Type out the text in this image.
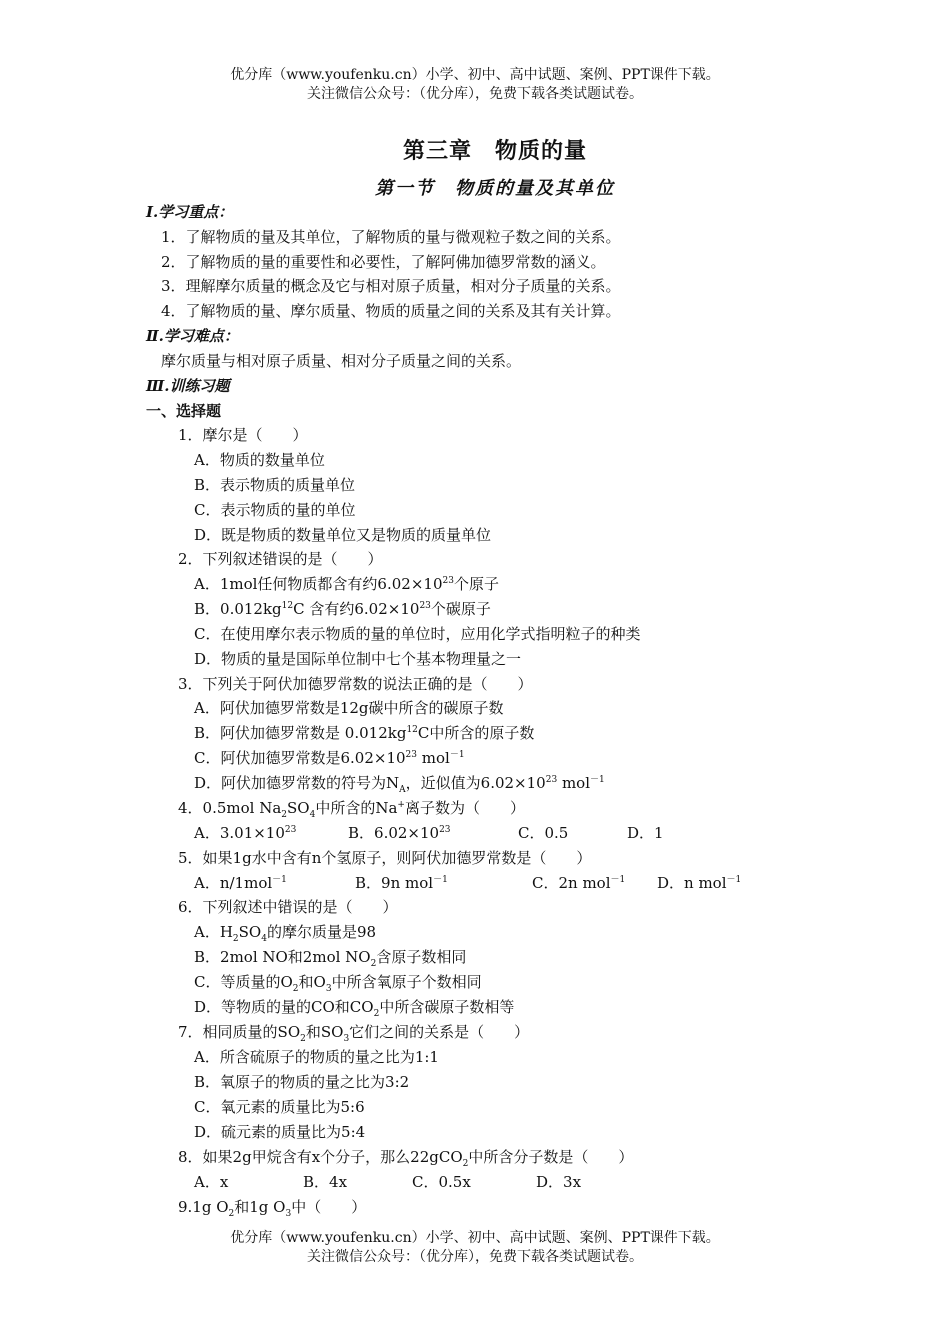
优分库（www.youfenku.cn）小学、初中、高中试题、案例、PPT课件下载。
关注微信公众号：（优分库），免费下载各类试题试卷。
第三章　物质的量
第一节　物质的量及其单位
Ⅰ.学习重点：
1．了解物质的量及其单位，了解物质的量与微观粒子数之间的关系。
2．了解物质的量的重要性和必要性，了解阿佛加德罗常数的涵义。
3．理解摩尔质量的概念及它与相对原子质量，相对分子质量的关系。
4．了解物质的量、摩尔质量、物质的质量之间的关系及其有关计算。
Ⅱ.学习难点：
摩尔质量与相对原子质量、相对分子质量之间的关系。
Ⅲ.训练习题
一、选择题
1．摩尔是（　　）
A．物质的数量单位
B．表示物质的质量单位
C．表示物质的量的单位
D．既是物质的数量单位又是物质的质量单位
2．下列叙述错误的是（　　）
A．1mol任何物质都含有约$6.02\times 10^{23}$个原子
B．$0.012kg^{12}C$ 含有约$6.02\times 10^{23}$个碳原子
C．在使用摩尔表示物质的量的单位时，应用化学式指明粒子的种类
D．物质的量是国际单位制中七个基本物理量之一
3．下列关于阿伏加德罗常数的说法正确的是（　　）
A．阿伏加德罗常数是12g碳中所含的碳原子数
B．阿伏加德罗常数是 $0.012kg^{12}C$中所含的原子数
C．阿伏加德罗常数是$6.02\times 10^{23}$ mol$^{-1}$
D．阿伏加德罗常数的符号为$N_A$，近似值为$6.02\times 10^{23}$ mol$^{-1}$
4．0.5mol $Na_2SO_4$中所含的Na+离子数为（　　）
A．$3.01\times 10^{23}$	B．$6.02\times 10^{23}$	C．0.5	D．1
5．如果1g水中含有n个氢原子，则阿伏加德罗常数是（　　）
A．n/1mol$^{-1}$	B．9n mol$^{-1}$	C．2n mol$^{-1}$ D．n mol$^{-1}$
6．下列叙述中错误的是（　　）
A．$H_2SO_4$的摩尔质量是98
B．2mol NO和2mol $NO_2$含原子数相同
C．等质量的$O_2$和$O_3$中所含氧原子个数相同
D．等物质的量的CO和$CO_2$中所含碳原子数相等
7．相同质量的$SO_2$和$SO_3$它们之间的关系是（　　）
A．所含硫原子的物质的量之比为1:1
B．氧原子的物质的量之比为3:2
C．氧元素的质量比为5:6
D．硫元素的质量比为5:4
8．如果2g甲烷含有x个分子，那么22gCO$_2$中所含分子数是（　　）
A．x	B．4x	C．0.5x	D．3x
9.1g $O_2$和1g $O_3$中（　　）
优分库（www.youfenku.cn）小学、初中、高中试题、案例、PPT课件下载。
关注微信公众号：（优分库），免费下载各类试题试卷。
